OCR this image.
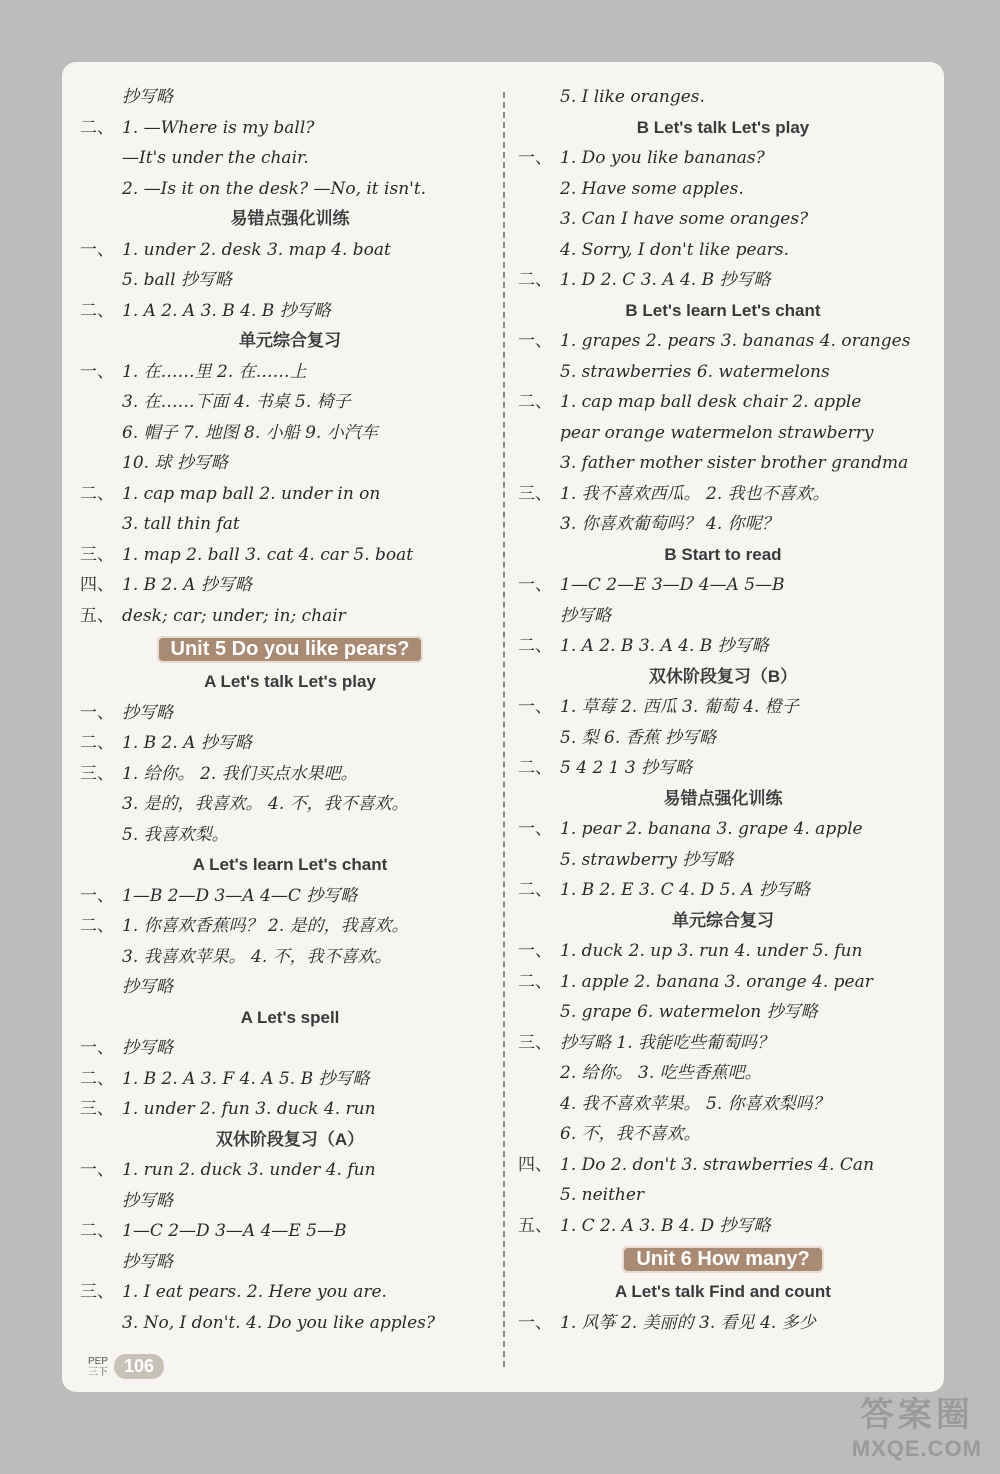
抄写略
二、 1. —Where is my ball?
—It's under the chair.
2. —Is it on the desk? —No, it isn't.
易错点强化训练
一、 1. under 2. desk 3. map 4. boat
5. ball 抄写略
二、 1. A 2. A 3. B 4. B 抄写略
单元综合复习
一、 1. 在……里 2. 在……上
3. 在……下面 4. 书桌 5. 椅子
6. 帽子 7. 地图 8. 小船 9. 小汽车
10. 球 抄写略
二、 1. cap map ball 2. under in on
3. tall thin fat
三、 1. map 2. ball 3. cat 4. car 5. boat
四、 1. B 2. A 抄写略
五、 desk; car; under; in; chair
Unit 5 Do you like pears?
A Let's talk Let's play
一、 抄写略
二、 1. B 2. A 抄写略
三、 1. 给你。 2. 我们买点水果吧。
3. 是的，我喜欢。 4. 不，我不喜欢。
5. 我喜欢梨。
A Let's learn Let's chant
一、 1—B 2—D 3—A 4—C 抄写略
二、 1. 你喜欢香蕉吗？ 2. 是的，我喜欢。
3. 我喜欢苹果。 4. 不，我不喜欢。
抄写略
A Let's spell
一、 抄写略
二、 1. B 2. A 3. F 4. A 5. B 抄写略
三、 1. under 2. fun 3. duck 4. run
双休阶段复习（A）
一、 1. run 2. duck 3. under 4. fun
抄写略
二、 1—C 2—D 3—A 4—E 5—B
抄写略
三、 1. I eat pears. 2. Here you are.
3. No, I don't. 4. Do you like apples?
5. I like oranges.
B Let's talk Let's play
一、 1. Do you like bananas?
2. Have some apples.
3. Can I have some oranges?
4. Sorry, I don't like pears.
二、 1. D 2. C 3. A 4. B 抄写略
B Let's learn Let's chant
一、 1. grapes 2. pears 3. bananas 4. oranges
5. strawberries 6. watermelons
二、 1. cap map ball desk chair 2. apple
pear orange watermelon strawberry
3. father mother sister brother grandma
三、 1. 我不喜欢西瓜。 2. 我也不喜欢。
3. 你喜欢葡萄吗？ 4. 你呢？
B Start to read
一、 1—C 2—E 3—D 4—A 5—B
抄写略
二、 1. A 2. B 3. A 4. B 抄写略
双休阶段复习（B）
一、 1. 草莓 2. 西瓜 3. 葡萄 4. 橙子
5. 梨 6. 香蕉 抄写略
二、 5 4 2 1 3 抄写略
易错点强化训练
一、 1. pear 2. banana 3. grape 4. apple
5. strawberry 抄写略
二、 1. B 2. E 3. C 4. D 5. A 抄写略
单元综合复习
一、 1. duck 2. up 3. run 4. under 5. fun
二、 1. apple 2. banana 3. orange 4. pear
5. grape 6. watermelon 抄写略
三、 抄写略 1. 我能吃些葡萄吗？
2. 给你。 3. 吃些香蕉吧。
4. 我不喜欢苹果。 5. 你喜欢梨吗？
6. 不，我不喜欢。
四、 1. Do 2. don't 3. strawberries 4. Can
5. neither
五、 1. C 2. A 3. B 4. D 抄写略
Unit 6 How many?
A Let's talk Find and count
一、 1. 风筝 2. 美丽的 3. 看见 4. 多少
PEP
三下 106
答案圈
MXQE.COM
